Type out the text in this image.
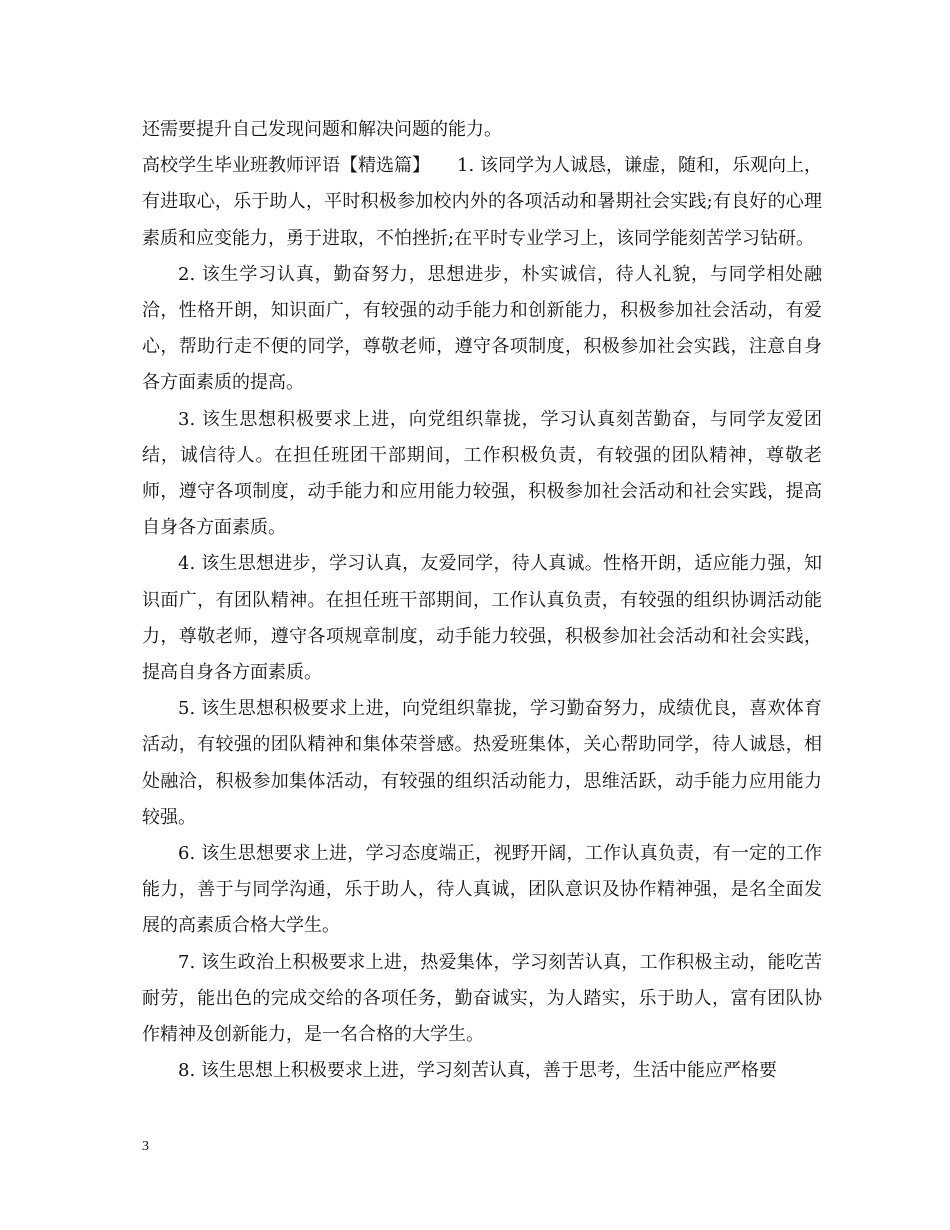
还需要提升自己发现问题和解决问题的能力。

高校学生毕业班教师评语【精选篇】　　1. 该同学为人诚恳，谦虚，随和，乐观向上，有进取心，乐于助人，平时积极参加校内外的各项活动和暑期社会实践;有良好的心理素质和应变能力，勇于进取，不怕挫折;在平时专业学习上，该同学能刻苦学习钻研。

2. 该生学习认真，勤奋努力，思想进步，朴实诚信，待人礼貌，与同学相处融洽，性格开朗，知识面广，有较强的动手能力和创新能力，积极参加社会活动，有爱心，帮助行走不便的同学，尊敬老师，遵守各项制度，积极参加社会实践，注意自身各方面素质的提高。

3. 该生思想积极要求上进，向党组织靠拢，学习认真刻苦勤奋，与同学友爱团结，诚信待人。在担任班团干部期间，工作积极负责，有较强的团队精神，尊敬老师，遵守各项制度，动手能力和应用能力较强，积极参加社会活动和社会实践，提高自身各方面素质。

4. 该生思想进步，学习认真，友爱同学，待人真诚。性格开朗，适应能力强，知识面广，有团队精神。在担任班干部期间，工作认真负责，有较强的组织协调活动能力，尊敬老师，遵守各项规章制度，动手能力较强，积极参加社会活动和社会实践，提高自身各方面素质。

5. 该生思想积极要求上进，向党组织靠拢，学习勤奋努力，成绩优良，喜欢体育活动，有较强的团队精神和集体荣誉感。热爱班集体，关心帮助同学，待人诚恳，相处融洽，积极参加集体活动，有较强的组织活动能力，思维活跃，动手能力应用能力较强。

6. 该生思想要求上进，学习态度端正，视野开阔，工作认真负责，有一定的工作能力，善于与同学沟通，乐于助人，待人真诚，团队意识及协作精神强，是名全面发展的高素质合格大学生。

7. 该生政治上积极要求上进，热爱集体，学习刻苦认真，工作积极主动，能吃苦耐劳，能出色的完成交给的各项任务，勤奋诚实，为人踏实，乐于助人，富有团队协作精神及创新能力，是一名合格的大学生。

8. 该生思想上积极要求上进，学习刻苦认真，善于思考，生活中能应严格要

3
